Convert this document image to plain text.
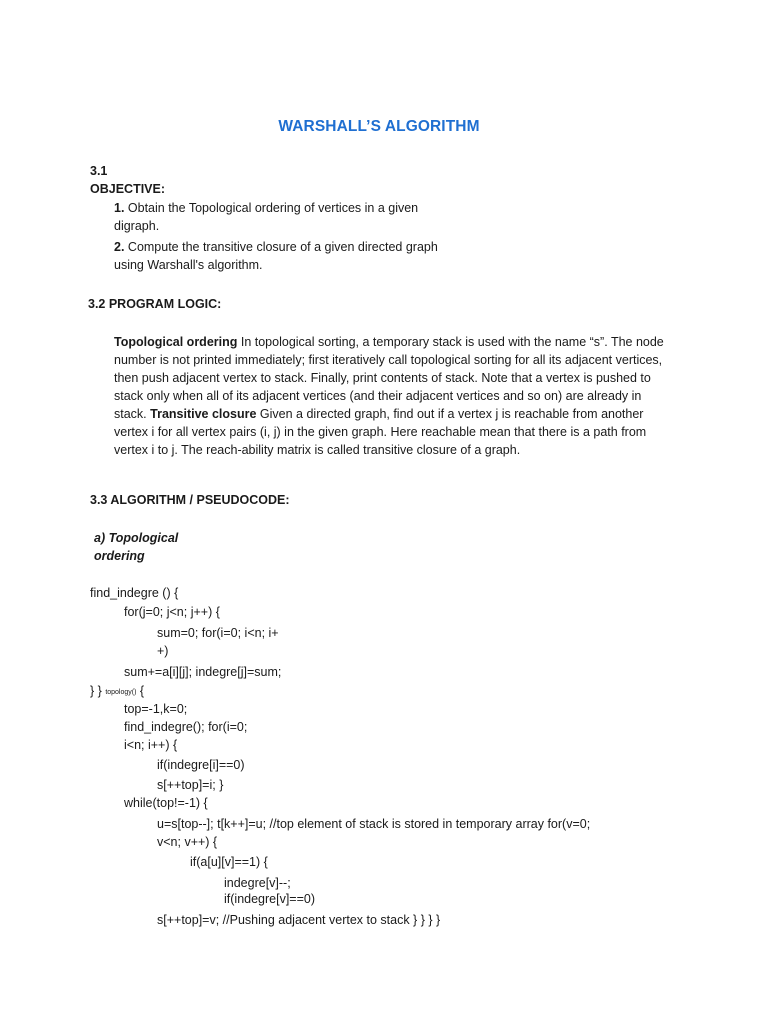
WARSHALL’S ALGORITHM
3.1
OBJECTIVE:
1. Obtain the Topological ordering of vertices in a given
digraph.
2. Compute the transitive closure of a given directed graph
using Warshall's algorithm.
3.2 PROGRAM LOGIC:
Topological ordering In topological sorting, a temporary stack is used with the name “s”. The node number is not printed immediately; first iteratively call topological sorting for all its adjacent vertices, then push adjacent vertex to stack. Finally, print contents of stack. Note that a vertex is pushed to stack only when all of its adjacent vertices (and their adjacent vertices and so on) are already in stack. Transitive closure Given a directed graph, find out if a vertex j is reachable from another vertex i for all vertex pairs (i, j) in the given graph. Here reachable mean that there is a path from vertex i to j. The reach-ability matrix is called transitive closure of a graph.
3.3 ALGORITHM / PSEUDOCODE:
a) Topological
ordering
find_indegre () {
for(j=0; j<n; j++) {
sum=0; for(i=0; i<n; i+
+)
sum+=a[i][j]; indegre[j]=sum;
} } topology() {
top=-1,k=0;
find_indegre(); for(i=0;
i<n; i++) {
if(indegre[i]==0)
s[++top]=i; }
while(top!=-1) {
u=s[top--]; t[k++]=u; //top element of stack is stored in temporary array for(v=0;
v<n; v++) {
if(a[u][v]==1) {
indegre[v]--;
if(indegre[v]==0)
s[++top]=v; //Pushing adjacent vertex to stack } } } }
